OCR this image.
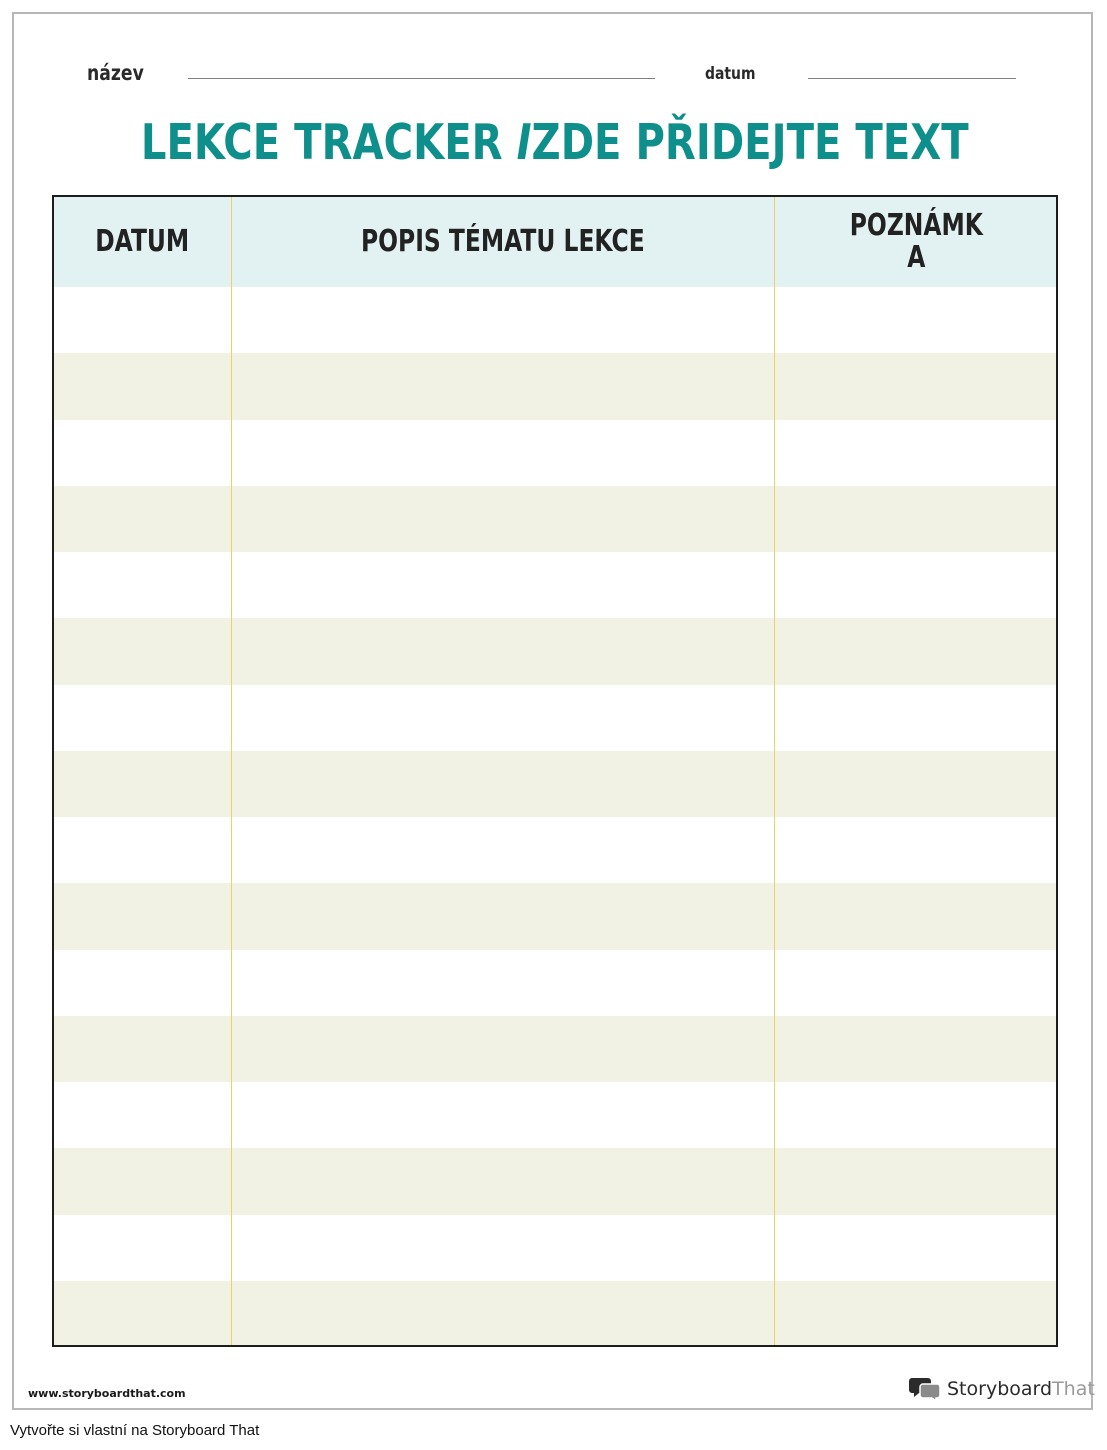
název	datum
LEKCE TRACKER IZDE PŘIDEJTE TEXT
DATUM	POPIS TÉMATU LEKCE	POZNÁMK
A
www.storyboardthat.com	StoryboardThat
Vytvořte si vlastní na Storyboard That
